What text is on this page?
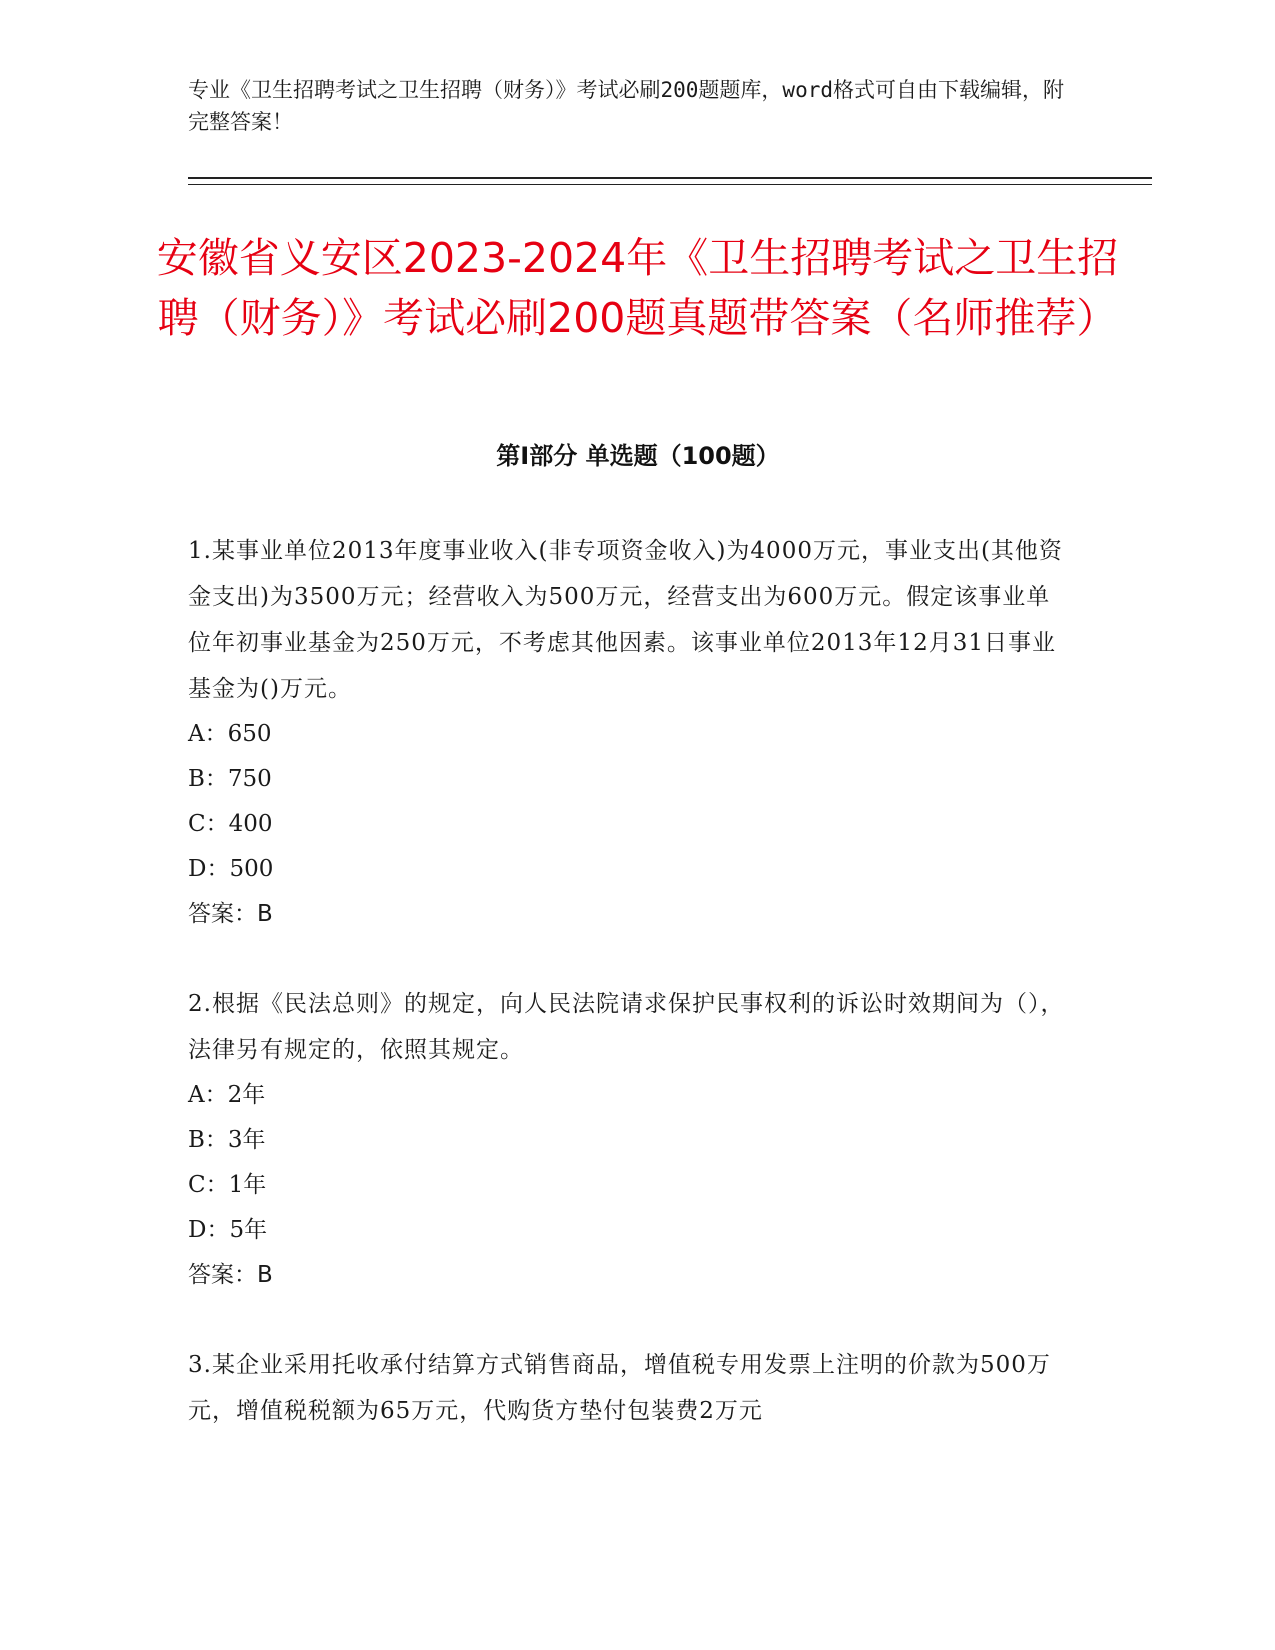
专业《卫生招聘考试之卫生招聘（财务）》考试必刷200题题库，word格式可自由下载编辑，附完整答案！
安徽省义安区2023-2024年《卫生招聘考试之卫生招聘（财务）》考试必刷200题真题带答案（名师推荐）
第Ⅰ部分 单选题（100题）

1.某事业单位2013年度事业收入(非专项资金收入)为4000万元，事业支出(其他资金支出)为3500万元；经营收入为500万元，经营支出为600万元。假定该事业单位年初事业基金为250万元，不考虑其他因素。该事业单位2013年12月31日事业基金为()万元。

A：650

B：750

C：400

D：500

答案：B

2.根据《民法总则》的规定，向人民法院请求保护民事权利的诉讼时效期间为（），法律另有规定的，依照其规定。

A：2年

B：3年

C：1年

D：5年

答案：B

3.某企业采用托收承付结算方式销售商品，增值税专用发票上注明的价款为500万元，增值税税额为65万元，代购货方垫付包装费2万元
